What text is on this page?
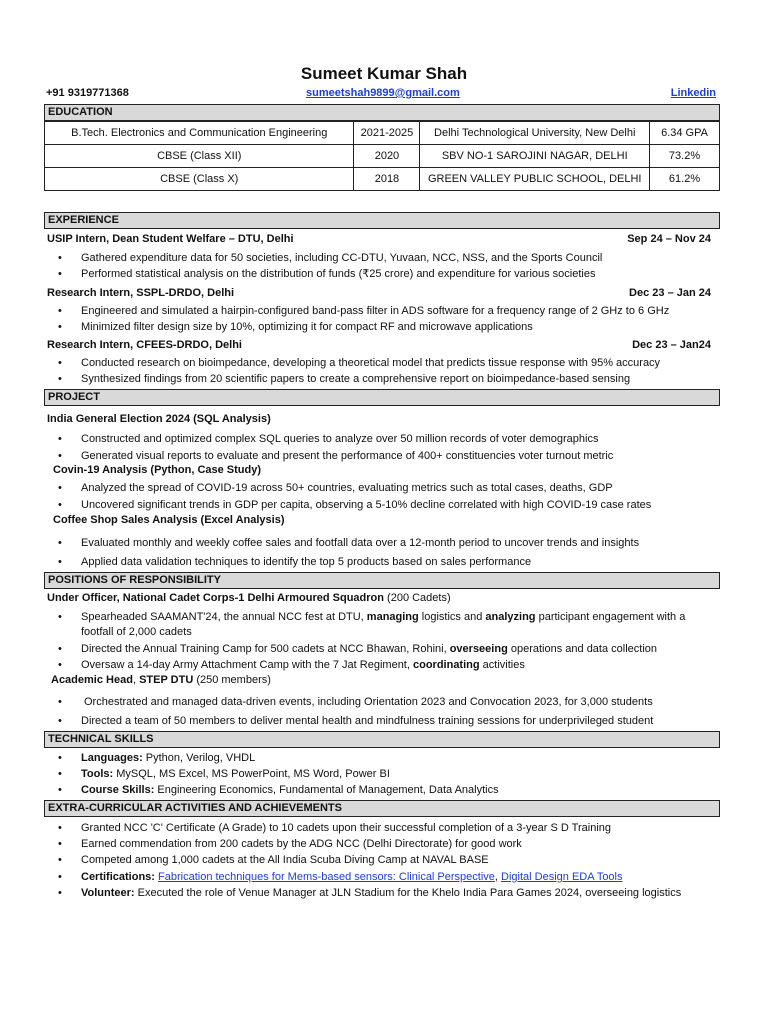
Sumeet Kumar Shah
+91 9319771368	sumeetshah9899@gmail.com	Linkedin
EDUCATION
B.Tech. Electronics and Communication Engineering	2021-2025	Delhi Technological University, New Delhi	6.34 GPA
CBSE (Class XII)	2020	SBV NO-1 SAROJINI NAGAR, DELHI	73.2%
CBSE (Class X)	2018	GREEN VALLEY PUBLIC SCHOOL, DELHI	61.2%
EXPERIENCE
USIP Intern, Dean Student Welfare – DTU, Delhi	Sep 24 – Nov 24
• Gathered expenditure data for 50 societies, including CC-DTU, Yuvaan, NCC, NSS, and the Sports Council
• Performed statistical analysis on the distribution of funds (₹25 crore) and expenditure for various societies
Research Intern, SSPL-DRDO, Delhi	Dec 23 – Jan 24
• Engineered and simulated a hairpin-configured band-pass filter in ADS software for a frequency range of 2 GHz to 6 GHz
• Minimized filter design size by 10%, optimizing it for compact RF and microwave applications
Research Intern, CFEES-DRDO, Delhi	Dec 23 – Jan24
• Conducted research on bioimpedance, developing a theoretical model that predicts tissue response with 95% accuracy
• Synthesized findings from 20 scientific papers to create a comprehensive report on bioimpedance-based sensing
PROJECT
India General Election 2024 (SQL Analysis)
• Constructed and optimized complex SQL queries to analyze over 50 million records of voter demographics
• Generated visual reports to evaluate and present the performance of 400+ constituencies voter turnout metric
Covin-19 Analysis (Python, Case Study)
• Analyzed the spread of COVID-19 across 50+ countries, evaluating metrics such as total cases, deaths, GDP
• Uncovered significant trends in GDP per capita, observing a 5-10% decline correlated with high COVID-19 case rates
Coffee Shop Sales Analysis (Excel Analysis)
• Evaluated monthly and weekly coffee sales and footfall data over a 12-month period to uncover trends and insights
• Applied data validation techniques to identify the top 5 products based on sales performance
POSITIONS OF RESPONSIBILITY
Under Officer, National Cadet Corps-1 Delhi Armoured Squadron (200 Cadets)
• Spearheaded SAAMANT'24, the annual NCC fest at DTU, managing logistics and analyzing participant engagement with a footfall of 2,000 cadets
• Directed the Annual Training Camp for 500 cadets at NCC Bhawan, Rohini, overseeing operations and data collection
• Oversaw a 14-day Army Attachment Camp with the 7 Jat Regiment, coordinating activities
Academic Head, STEP DTU (250 members)
• Orchestrated and managed data-driven events, including Orientation 2023 and Convocation 2023, for 3,000 students
• Directed a team of 50 members to deliver mental health and mindfulness training sessions for underprivileged student
TECHNICAL SKILLS
• Languages: Python, Verilog, VHDL
• Tools: MySQL, MS Excel, MS PowerPoint, MS Word, Power BI
• Course Skills: Engineering Economics, Fundamental of Management, Data Analytics
EXTRA-CURRICULAR ACTIVITIES AND ACHIEVEMENTS
• Granted NCC 'C' Certificate (A Grade) to 10 cadets upon their successful completion of a 3-year S D Training
• Earned commendation from 200 cadets by the ADG NCC (Delhi Directorate) for good work
• Competed among 1,000 cadets at the All India Scuba Diving Camp at NAVAL BASE
• Certifications: Fabrication techniques for Mems-based sensors: Clinical Perspective, Digital Design EDA Tools
• Volunteer: Executed the role of Venue Manager at JLN Stadium for the Khelo India Para Games 2024, overseeing logistics
